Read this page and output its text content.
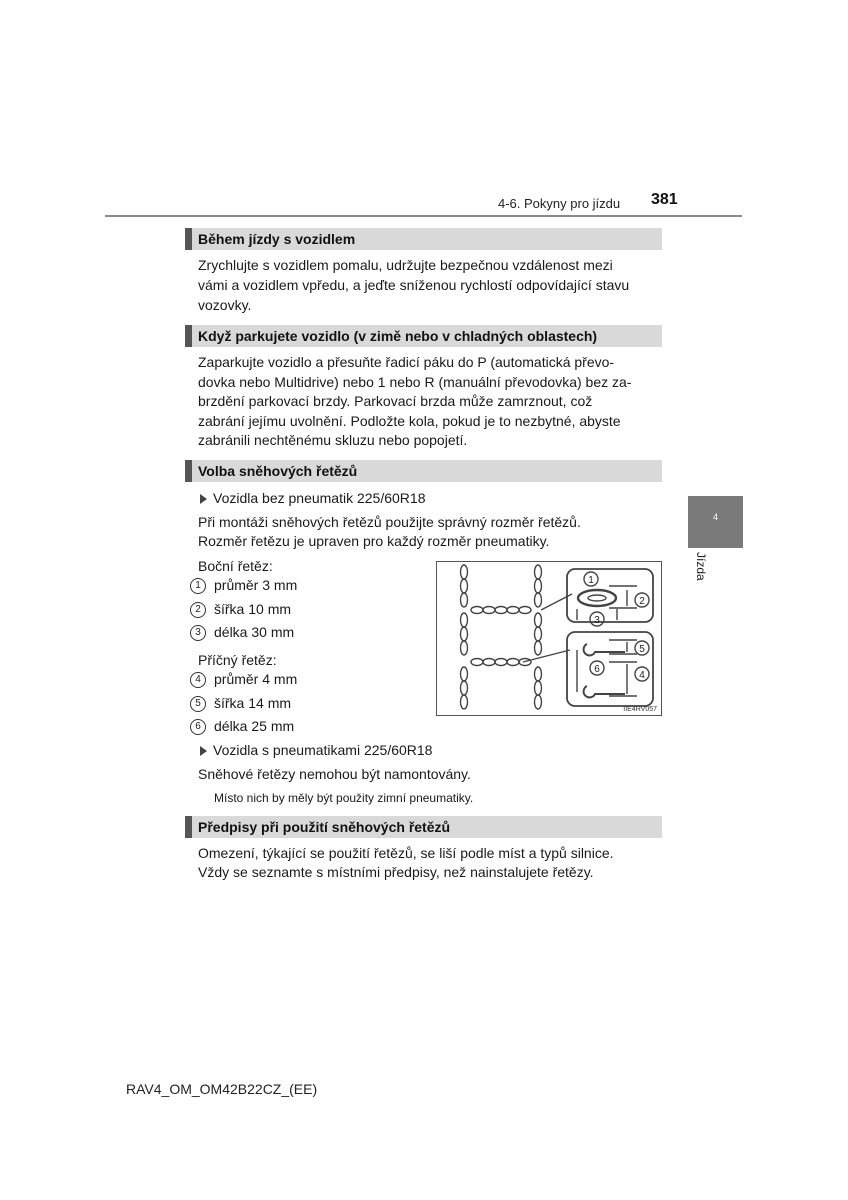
4-6. Pokyny pro jízdu 381
4
Jízda
Během jízdy s vozidlem
Zrychlujte s vozidlem pomalu, udržujte bezpečnou vzdálenost mezi
vámi a vozidlem vpředu, a jeďte sníženou rychlostí odpovídající stavu
vozovky.
Když parkujete vozidlo (v zimě nebo v chladných oblastech)
Zaparkujte vozidlo a přesuňte řadicí páku do P (automatická převo-
dovka nebo Multidrive) nebo 1 nebo R (manuální převodovka) bez za-
brzdění parkovací brzdy. Parkovací brzda může zamrznout, což
zabrání jejímu uvolnění. Podložte kola, pokud je to nezbytné, abyste
zabránili nechtěnému skluzu nebo popojetí.
Volba sněhových řetězů
Vozidla bez pneumatik 225/60R18
Při montáži sněhových řetězů použijte správný rozměr řetězů.
Rozměr řetězu je upraven pro každý rozměr pneumatiky.
Boční řetěz:
1 průměr 3 mm
2 šířka 10 mm
3 délka 30 mm
Příčný řetěz:
4 průměr 4 mm
5 šířka 14 mm
6 délka 25 mm
Vozidla s pneumatikami 225/60R18
Sněhové řetězy nemohou být namontovány.
Místo nich by měly být použity zimní pneumatiky.
1
2
3
5
6
4
IIE4RV057
Předpisy při použití sněhových řetězů
Omezení, týkající se použití řetězů, se liší podle míst a typů silnice.
Vždy se seznamte s místními předpisy, než nainstalujete řetězy.
RAV4_OM_OM42B22CZ_(EE)
